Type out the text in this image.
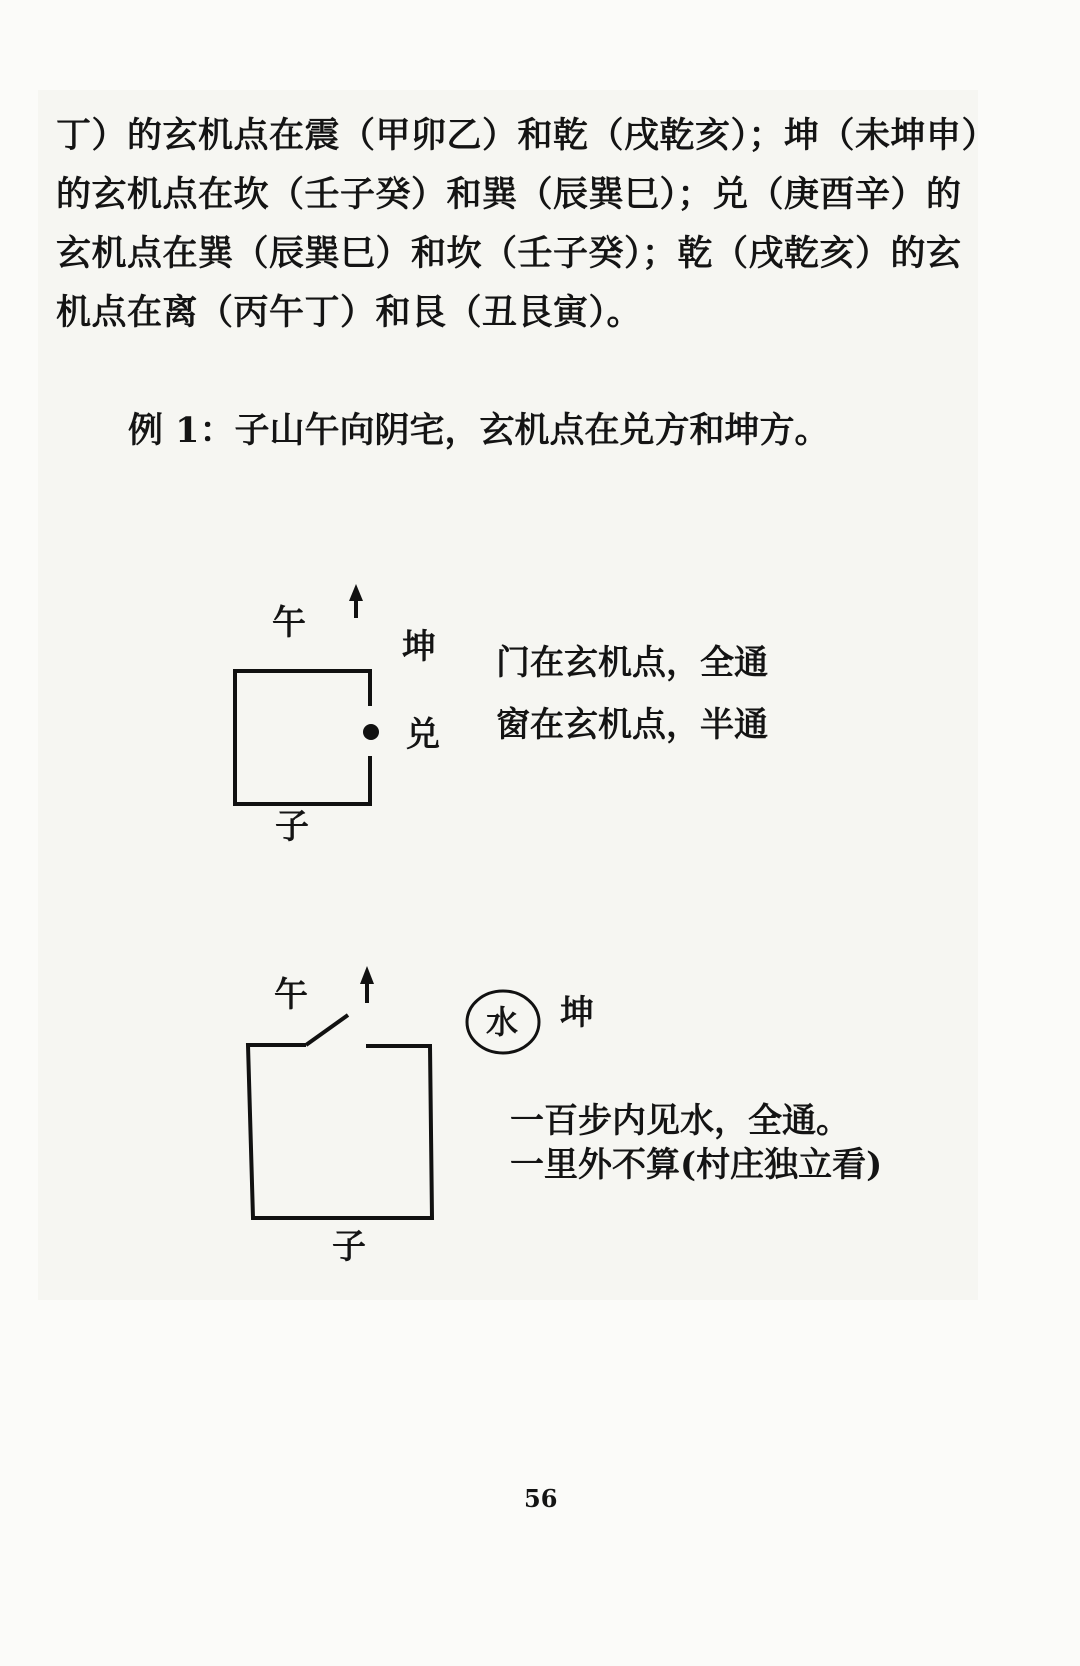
丁）的玄机点在震（甲卯乙）和乾（戌乾亥）；坤（未坤申）

的玄机点在坎（壬子癸）和巽（辰巽巳）；兑（庚酉辛）的

玄机点在巽（辰巽巳）和坎（壬子癸）；乾（戌乾亥）的玄

机点在离（丙午丁）和艮（丑艮寅）。

例 1：子山午向阴宅，玄机点在兑方和坤方。
午
坤
兑
子
门在玄机点，全通
窗在玄机点，半通
午
水 坤
子
一百步内见水，全通。
一里外不算(村庄独立看)
56
